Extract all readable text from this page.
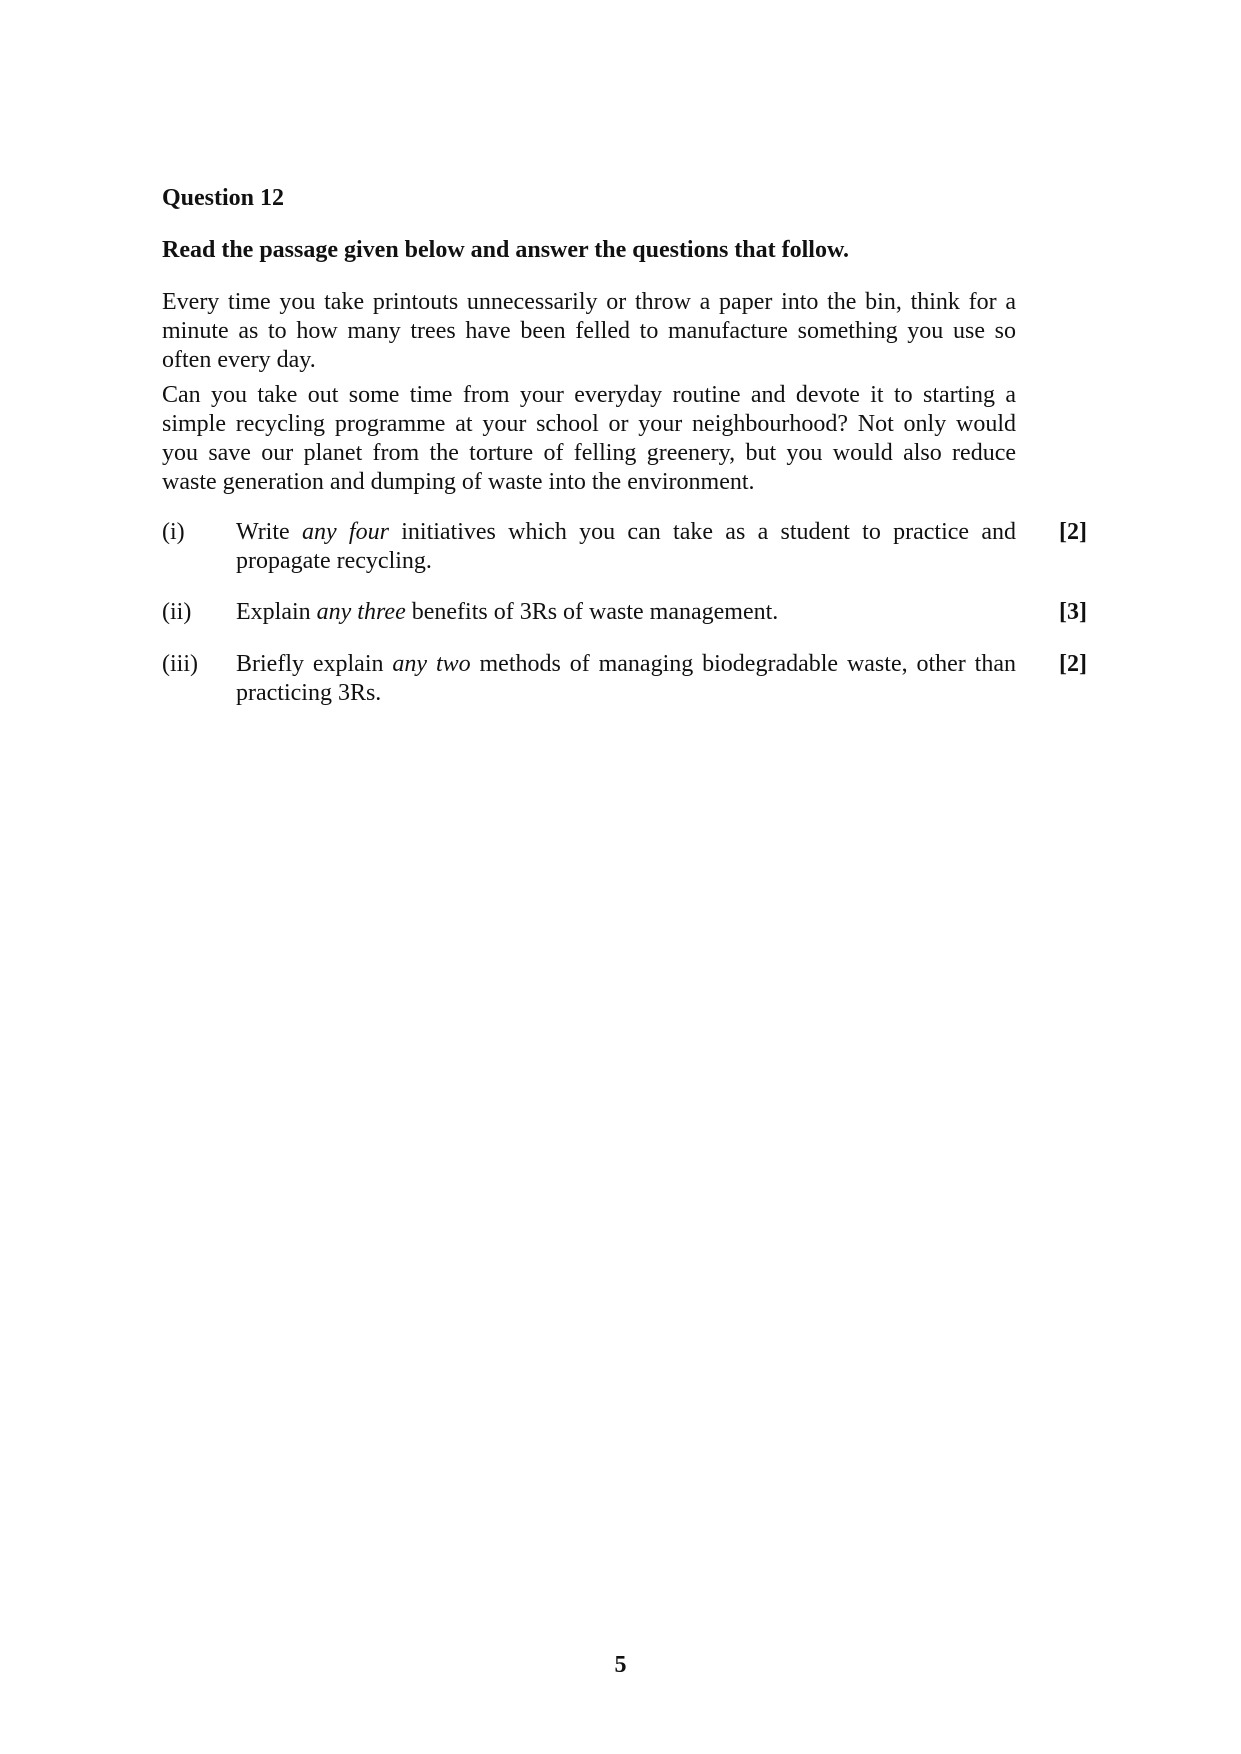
Question 12

Read the passage given below and answer the questions that follow.

Every time you take printouts unnecessarily or throw a paper into the bin, think for a minute as to how many trees have been felled to manufacture something you use so often every day.

Can you take out some time from your everyday routine and devote it to starting a simple recycling programme at your school or your neighbourhood? Not only would you save our planet from the torture of felling greenery, but you would also reduce waste generation and dumping of waste into the environment.

(i) Write any four initiatives which you can take as a student to practice and propagate recycling.
[2]
(ii) Explain any three benefits of 3Rs of waste management.	[3]
(iii) Briefly explain any two methods of managing biodegradable waste, other than practicing 3Rs.
[2]
5
